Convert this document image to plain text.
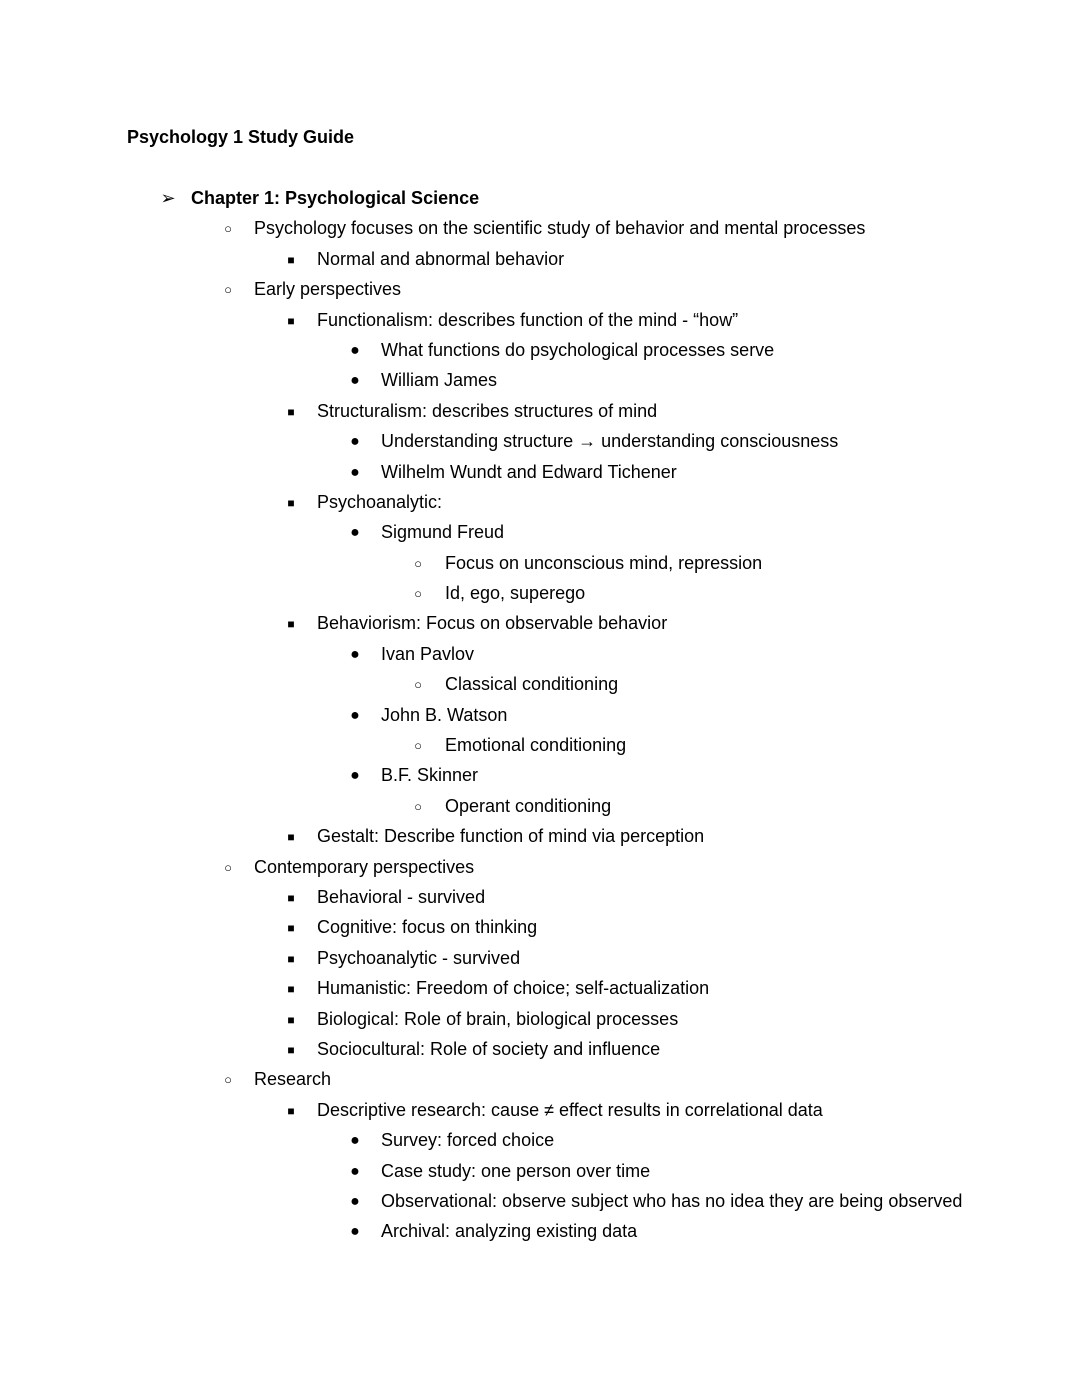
Psychology 1 Study Guide
➢ Chapter 1: Psychological Science
○	Psychology focuses on the scientific study of behavior and mental processes
■	Normal and abnormal behavior
○	Early perspectives
■	Functionalism: describes function of the mind - “how”
● What functions do psychological processes serve
● William James
■	Structuralism: describes structures of mind
● Understanding structure → understanding consciousness
● Wilhelm Wundt and Edward Tichener
■	Psychoanalytic:
● Sigmund Freud
○	Focus on unconscious mind, repression
○	Id, ego, superego
■	Behaviorism: Focus on observable behavior
● Ivan Pavlov
○	Classical conditioning
● John B. Watson
○	Emotional conditioning
● B.F. Skinner
○	Operant conditioning
■	Gestalt: Describe function of mind via perception
○	Contemporary perspectives
■	Behavioral - survived
■	Cognitive: focus on thinking
■	Psychoanalytic - survived
■	Humanistic: Freedom of choice; self-actualization
■	Biological: Role of brain, biological processes
■	Sociocultural: Role of society and influence
○	Research
■	Descriptive research: cause ≠ effect results in correlational data
● Survey: forced choice
● Case study: one person over time
● Observational: observe subject who has no idea they are being observed
● Archival: analyzing existing data
